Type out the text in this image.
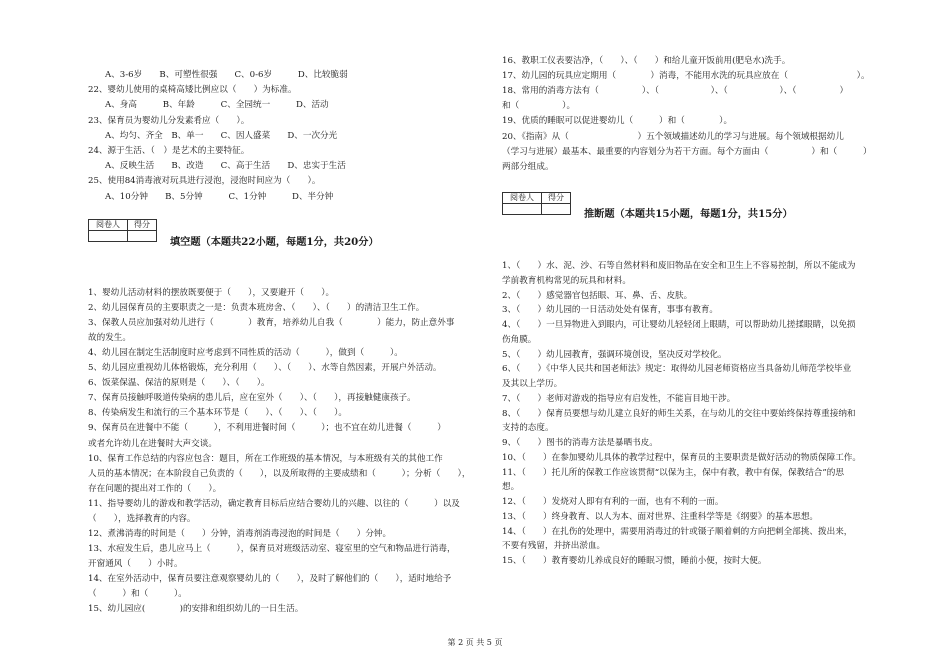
A、3-6岁　　B、可塑性很强　　C、0-6岁　　　D、比较脆弱
22、婴幼儿使用的桌椅高矮比例应以（　　）为标准。
A、身高　　　B、年龄　　　C、全园统一　　　D、活动
23、保育员为婴幼儿分发素肴应（　　）。
A、均匀、齐全　B、单一　　C、因人盛菜　　D、一次分光
24、源于生活、（　）是艺术的主要特征。
A、反映生活　　B、改造　　C、高于生活　　D、忠实于生活
25、使用84消毒液对玩具进行浸泡，浸泡时间应为（　　）。
A、10分钟　　B、5分钟　　　C、1分钟　　　D、半分钟
阅卷人	得分

填空题（本题共22小题，每题1分，共20分）
1、婴幼儿活动材料的摆放既要便于（　　），又要避开（　　）。
2、幼儿园保育员的主要职责之一是：负责本班房舍、（　　）、（　　）的清洁卫生工作。
3、保教人员应加强对幼儿进行（　　　　）教育，培养幼儿自我（　　　　）能力，防止意外事
故的发生。
4、幼儿园在制定生活制度时应考虑到不同性质的活动（　　　），做到（　　　）。
5、幼儿园应重视幼儿体格锻炼，充分利用（　　）、（　　）、水等自然因素，开展户外活动。
6、饭菜保温、保洁的原则是（　　）、（　　）。
7、保育员接触呼吸道传染病的患儿后，应在室外（　　）、（　　），再接触健康孩子。
8、传染病发生和流行的三个基本环节是（　　）、（　　）、（　　）。
9、保育员在进餐中不能（　　　），不利用进餐时间（　　　）；也不宜在幼儿进餐（　　　）
或者允许幼儿在进餐时大声交谈。
10、保育工作总结的内容应包含：题目，所在工作班级的基本情况，与本班级有关的其他工作
人员的基本情况；在本阶段自己负责的（　　），以及所取得的主要成绩和（　　　）；分析（　　），
存在问题的提出对工作的（　　）。
11、指导婴幼儿的游戏和教学活动，确定教育目标后应结合婴幼儿的兴趣、以往的（　　　）以及
（　　），选择教育的内容。
12、煮沸消毒的时间是（　　）分钟，消毒剂消毒浸泡的时间是（　　）分钟。
13、水痘发生后，患儿应马上（　　　），保育员对班级活动室、寝室里的空气和物品进行消毒，
开窗通风（　　）小时。
14、在室外活动中，保育员要注意观察婴幼儿的（　　），及时了解他们的（　　），适时地给予
（　　　）和（　　　）。
15、幼儿园应(　　　　)的安排和组织幼儿的一日生活。
16、教职工仪表要洁净，（　　）、（　　）和给儿童开饭前用(肥皂水)洗手。
17、幼儿园的玩具应定期用（　　　　）消毒，不能用水洗的玩具应放在（　　　　　　　　）。
18、常用的消毒方法有（　　　　　）、（　　　　　　）、（　　　　　　）、（　　　　　）
和（　　　　　）。
19、优质的睡眠可以促进婴幼儿（　　　）和（　　　　）。
20、《指南》从（　　　　　　　　）五个领域描述幼儿的学习与进展。每个领域根据幼儿
（学习与进展）最基本、最重要的内容划分为若干方面。每个方面由（　　　　　）和（　　　）
两部分组成。
阅卷人	得分

推断题（本题共15小题，每题1分，共15分）
1、（　　）水、泥、沙、石等自然材料和废旧物品在安全和卫生上不容易控制，所以不能成为
学前教育机构常见的玩具和材料。
2、（　　）感觉器官包括眼、耳、鼻、舌、皮肤。
3、（　　）幼儿园的一日活动处处有保育，事事有教育。
4、（　　）一旦异物进入到眼内，可让婴幼儿轻轻闭上眼睛，可以帮助幼儿搓揉眼睛，以免损
伤角膜。
5、（　　）幼儿园教育，强调环境创设，坚决反对学校化。
6、（　　）《中华人民共和国老师法》规定：取得幼儿园老师资格应当具备幼儿师范学校毕业
及其以上学历。
7、（　　）老师对游戏的指导应有启发性，不能盲目地干涉。
8、（　　）保育员要想与幼儿建立良好的师生关系，在与幼儿的交往中要始终保持尊重接纳和
支持的态度。
9、（　　）图书的消毒方法是暴晒书皮。
10、（　　）在参加婴幼儿具体的教学过程中，保育员的主要职责是做好活动的物质保障工作。
11、（　　）托儿所的保教工作应该贯彻“以保为主，保中有教，教中有保，保教结合”的思
想。
12、（　　）发烧对人即有有利的一面，也有不利的一面。
13、（　　）终身教育、以人为本、面对世界、注重科学等是《纲要》的基本思想。
14、（　　）在扎伤的处理中，需要用消毒过的针或镊子顺着刺的方向把刺全部挑、拨出来，
不要有残留，并挤出淤血。
15、（　　）教育婴幼儿养成良好的睡眠习惯，睡前小便，按时大便。
第 2 页 共 5 页
